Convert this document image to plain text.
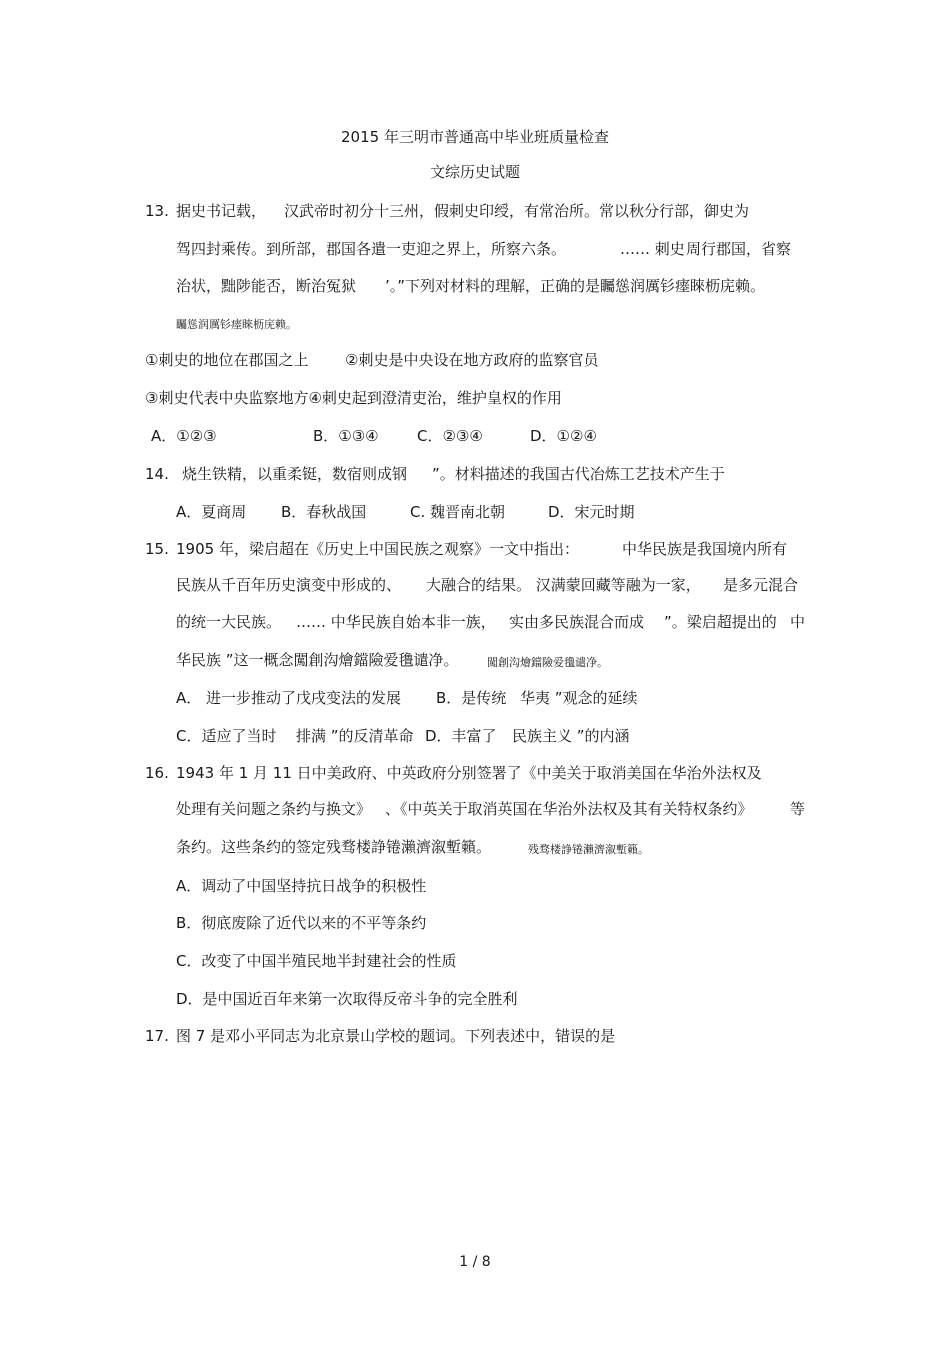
2015 年三明市普通高中毕业班质量检查
文综历史试题
13. 据史书记载， 汉武帝时初分十三州，假刺史印绶，有常治所。常以秋分行部，御史为
驾四封乘传。到所部，郡国各遣一吏迎之界上，所察六条。	…… 刺史 周行郡国，省察
治状，黜陟能否，断治冤狱 ’。”下列对材料的理解，正确的是矚慫润厲钐瘗睞枥庑赖。
矚慫润厲钐瘗睞枥庑赖。
①刺史的地位在郡国之上 ②刺史是中央设在地方政府的监察官员
③刺史代表中央监察地方④刺史起到澄清吏治，维护皇权的作用
A．①②③	B．①③④	C．②③④	D．①②④
14. 烧生铁精，以重柔铤，数宿则成钢 ”。材料描述的我国古代冶炼工艺技术产生于
A．夏商周 B．春秋战国	C. 魏晋南北朝	D．宋元时期
15. 1905 年，梁启超在《历史上中国民族之观察》一文中指出：	中华民族是我国境内所有
民族从千百年历史演变中形成的、 大融合的结果。 汉满蒙回藏等融为一家， 是多元混合
的统一大民族。 …… 中华民族自始本非一族， 实由多民族混合而成 ”。梁启超提出的 中
华民族 ”这一概念闖創沟燴鐺險爱氇谴净。	闖創沟燴鐺險爱氇谴净。
A． 进一步推动了戊戌变法的发展 B．是传统 华夷 ”观念的延续
C．适应了当时 排满 ”的反清革命 D．丰富了 民族主义 ”的内涵
16. 1943 年 1 月 11 日中美政府、中英政府分别签署了《中美关于取消美国在华治外法权及
处理有关问题之条约与换文》 、《中英关于取消英国在华治外法权及其有关特权条约》 等
条约。这些条约的签定残骛楼諍锩瀨濟溆塹籟。	残骛楼諍锩瀨濟溆塹籟。
A．调动了中国坚持抗日战争的积极性
B．彻底废除了近代以来的不平等条约
C．改变了中国半殖民地半封建社会的性质
D．是中国近百年来第一次取得反帝斗争的完全胜利
17. 图 7 是邓小平同志为北京景山学校的题词。下列表述中，错误的是
1 / 8
